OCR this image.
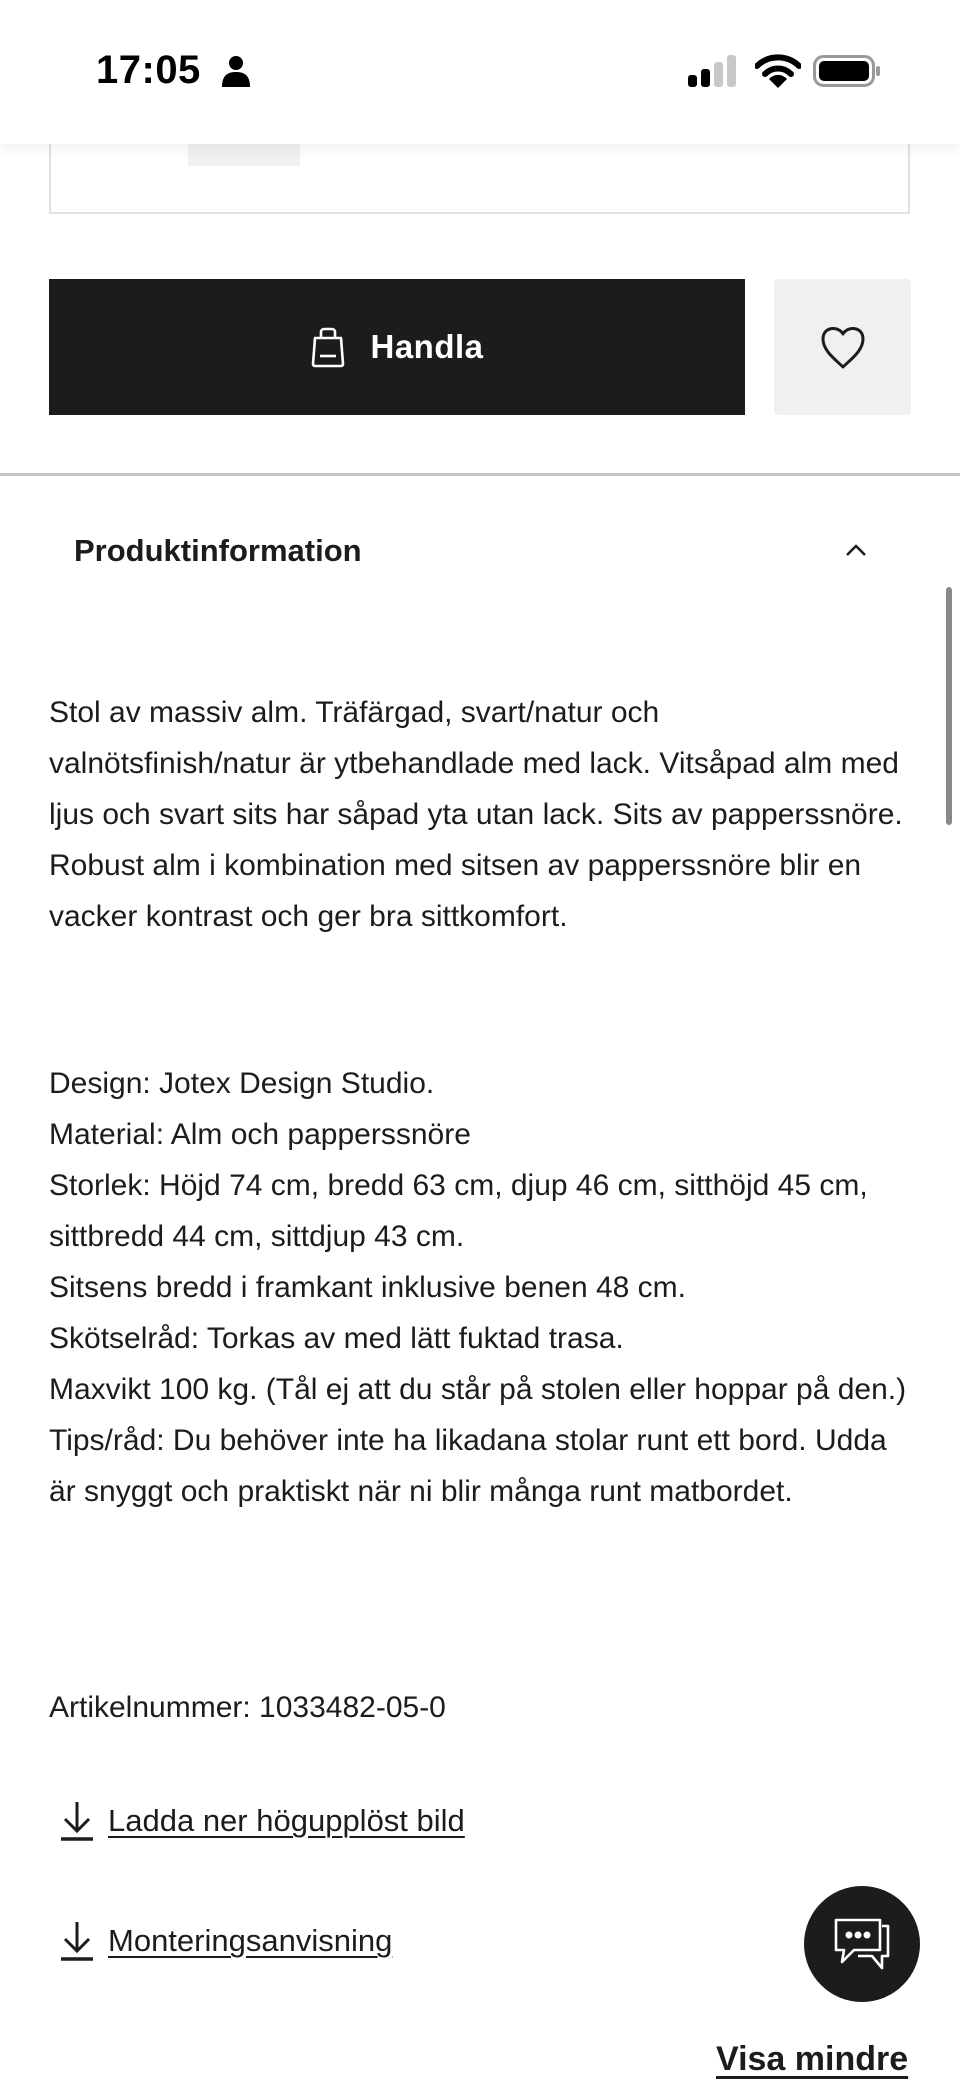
17:05
Handla
Produktinformation

Stol av massiv alm. Träfärgad, svart/natur och valnötsfinish/natur är ytbehandlade med lack. Vitsåpad alm med ljus och svart sits har såpad yta utan lack. Sits av papperssnöre. Robust alm i kombination med sitsen av papperssnöre blir en vacker kontrast och ger bra sittkomfort.

Design: Jotex Design Studio.

Material: Alm och papperssnöre

Storlek: Höjd 74 cm, bredd 63 cm, djup 46 cm, sitthöjd 45 cm, sittbredd 44 cm, sittdjup 43 cm.

Sitsens bredd i framkant inklusive benen 48 cm.

Skötselråd: Torkas av med lätt fuktad trasa.

Maxvikt 100 kg. (Tål ej att du står på stolen eller hoppar på den.)

Tips/råd: Du behöver inte ha likadana stolar runt ett bord. Udda är snyggt och praktiskt när ni blir många runt matbordet.

Artikelnummer: 1033482-05-0

Ladda ner högupplöst bild
Monteringsanvisning
Visa mindre
